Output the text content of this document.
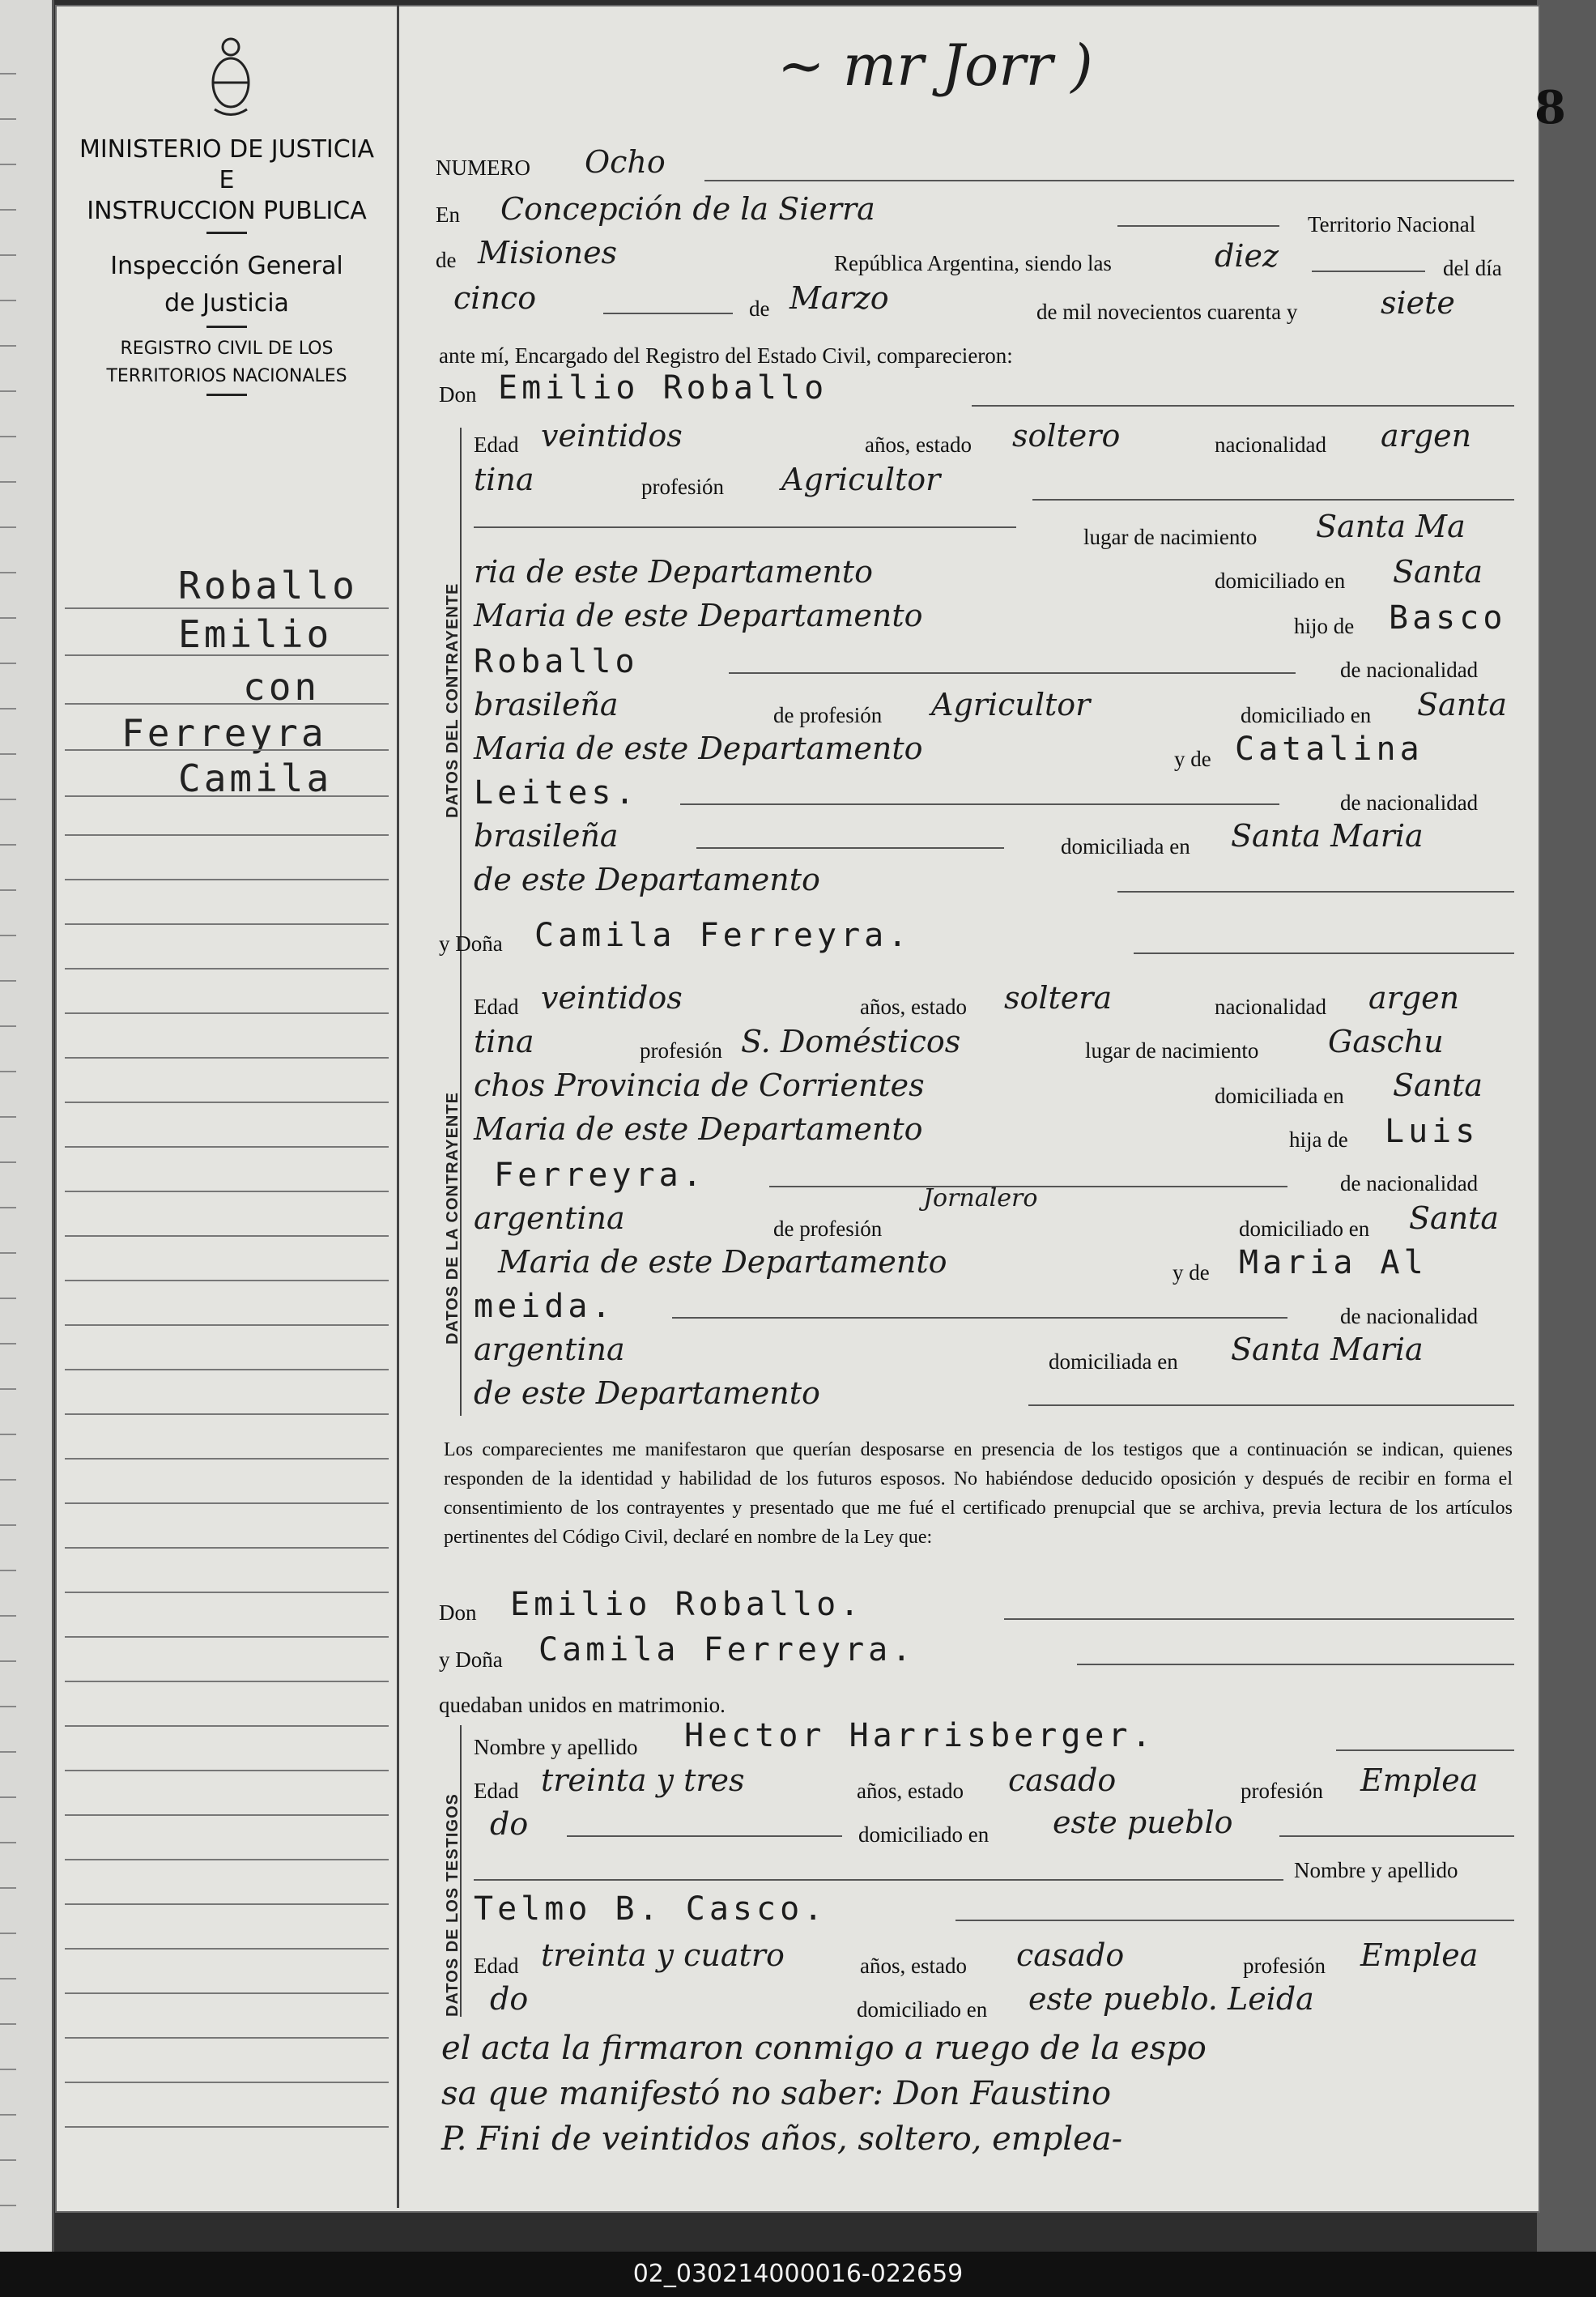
02_030214000016-022659
MINISTERIO DE JUSTICIA
E
INSTRUCCION PUBLICA
Inspección General
de Justicia
REGISTRO CIVIL DE LOS
TERRITORIOS NACIONALES
Roballo
Emilio
con
Ferreyra
Camila
~ mr Jorr )
8
NUMERO Ocho
En Concepción de la Sierra	Territorio Nacional
de Misiones	República Argentina, siendo las	diez	del día
cinco	de Marzo	de mil novecientos cuarenta y	siete
ante mí, Encargado del Registro del Estado Civil, comparecieron:
Don Emilio Roballo
DATOS DEL CONTRAYENTE
Edad veintidos	años, estado soltero	nacionalidad argen
tina	profesión Agricultor
lugar de nacimiento Santa Ma
ria de este Departamento	domiciliado en Santa
Maria de este Departamento	hijo de Basco
Roballo	de nacionalidad
brasileña	de profesión Agricultor	domiciliado en Santa
Maria de este Departamento	y de Catalina
Leites.	de nacionalidad
brasileña	domiciliada en Santa Maria
de este Departamento
y Doña Camila Ferreyra.
DATOS DE LA CONTRAYENTE
Edad veintidos	años, estado soltera	nacionalidad argen
tina	profesión S. Domésticos	lugar de nacimiento Gaschu
chos Provincia de Corrientes	domiciliada en Santa
Maria de este Departamento	hija de Luis
Ferreyra.	de nacionalidad
argentina	de profesión
Jornalero
domiciliado en Santa
Maria de este Departamento	y de Maria Al
meida.	de nacionalidad
argentina	domiciliada en Santa Maria
de este Departamento
Los comparecientes me manifestaron que querían desposarse en presencia de los testigos que a continuación se indican, quienes responden de la identidad y habilidad de los futuros esposos. No habiéndose deducido oposición y después de recibir en forma el consentimiento de los contrayentes y presentado que me fué el certificado prenupcial que se archiva, previa lectura de los artículos pertinentes del Código Civil, declaré en nombre de la Ley que:
Don Emilio Roballo.
y Doña Camila Ferreyra.
quedaban unidos en matrimonio.
DATOS DE LOS TESTIGOS
Nombre y apellido Hector Harrisberger.
Edad treinta y tres	años, estado casado	profesión Emplea
do	domiciliado en este pueblo
Nombre y apellido
Telmo B. Casco.
Edad treinta y cuatro	años, estado casado	profesión Emplea
do	domiciliado en este pueblo. Leida
el acta la firmaron conmigo a ruego de la espo
sa que manifestó no saber: Don Faustino
P. Fini de veintidos años, soltero, emplea-
